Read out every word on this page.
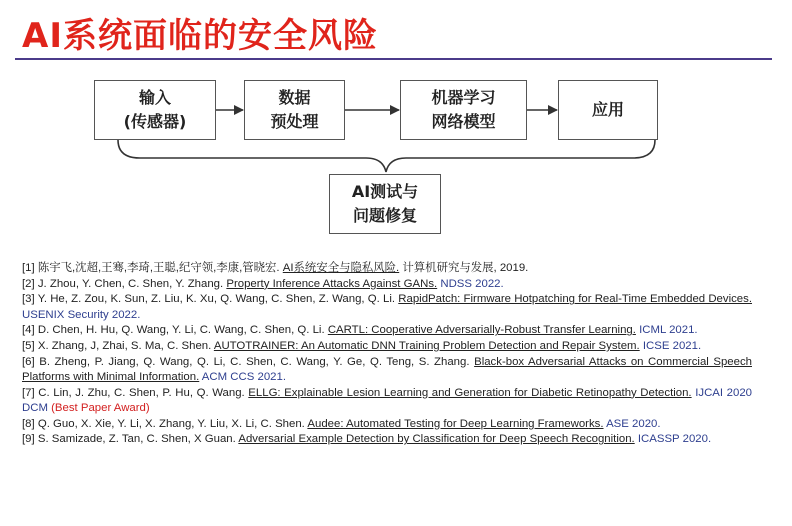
AI系统面临的安全风险
输入
(传感器)
数据
预处理
机器学习
网络模型
应用
AI测试与
问题修复
[1] 陈宇飞,沈超,王骞,李琦,王聪,纪守领,李康,管晓宏. AI系统安全与隐私风险. 计算机研究与发展, 2019.
[2] J. Zhou, Y. Chen, C. Shen, Y. Zhang. Property Inference Attacks Against GANs. NDSS 2022.
[3] Y. He, Z. Zou, K. Sun, Z. Liu, K. Xu, Q. Wang, C. Shen, Z. Wang, Q. Li. RapidPatch: Firmware Hotpatching for Real-Time Embedded Devices. USENIX Security 2022.
[4] D. Chen, H. Hu, Q. Wang, Y. Li, C. Wang, C. Shen, Q. Li. CARTL: Cooperative Adversarially-Robust Transfer Learning. ICML 2021.
[5] X. Zhang, J, Zhai, S. Ma, C. Shen. AUTOTRAINER: An Automatic DNN Training Problem Detection and Repair System. ICSE 2021.
[6] B. Zheng, P. Jiang, Q. Wang, Q. Li, C. Shen, C. Wang, Y. Ge, Q. Teng, S. Zhang. Black-box Adversarial Attacks on Commercial Speech Platforms with Minimal Information. ACM CCS 2021.
[7] C. Lin, J. Zhu, C. Shen, P. Hu, Q. Wang. ELLG: Explainable Lesion Learning and Generation for Diabetic Retinopathy Detection. IJCAI 2020 DCM (Best Paper Award)
[8] Q. Guo, X. Xie, Y. Li, X. Zhang, Y. Liu, X. Li, C. Shen. Audee: Automated Testing for Deep Learning Frameworks. ASE 2020.
[9] S. Samizade, Z. Tan, C. Shen, X Guan. Adversarial Example Detection by Classification for Deep Speech Recognition. ICASSP 2020.
